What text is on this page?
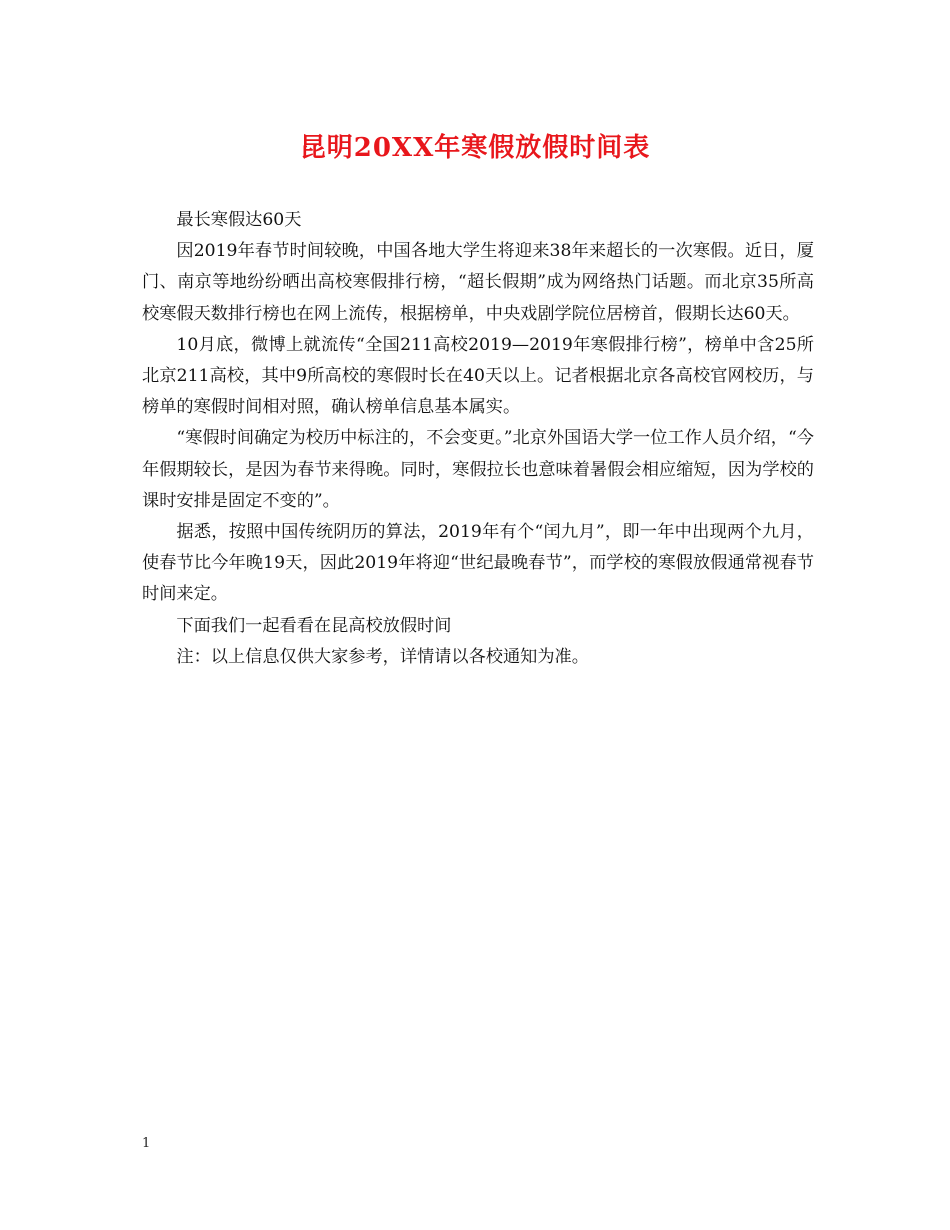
昆明20XX年寒假放假时间表

最长寒假达60天

因2019年春节时间较晚，中国各地大学生将迎来38年来超长的一次寒假。近日，厦门、南京等地纷纷晒出高校寒假排行榜，“超长假期”成为网络热门话题。而北京35所高校寒假天数排行榜也在网上流传，根据榜单，中央戏剧学院位居榜首，假期长达60天。

10月底，微博上就流传“全国211高校2019—2019年寒假排行榜”，榜单中含25所北京211高校，其中9所高校的寒假时长在40天以上。记者根据北京各高校官网校历，与榜单的寒假时间相对照，确认榜单信息基本属实。

“寒假时间确定为校历中标注的，不会变更。”北京外国语大学一位工作人员介绍，“今年假期较长，是因为春节来得晚。同时，寒假拉长也意味着暑假会相应缩短，因为学校的课时安排是固定不变的”。

据悉，按照中国传统阴历的算法，2019年有个“闰九月”，即一年中出现两个九月，使春节比今年晚19天，因此2019年将迎“世纪最晚春节”，而学校的寒假放假通常视春节时间来定。

下面我们一起看看在昆高校放假时间

注：以上信息仅供大家参考，详情请以各校通知为准。

1
